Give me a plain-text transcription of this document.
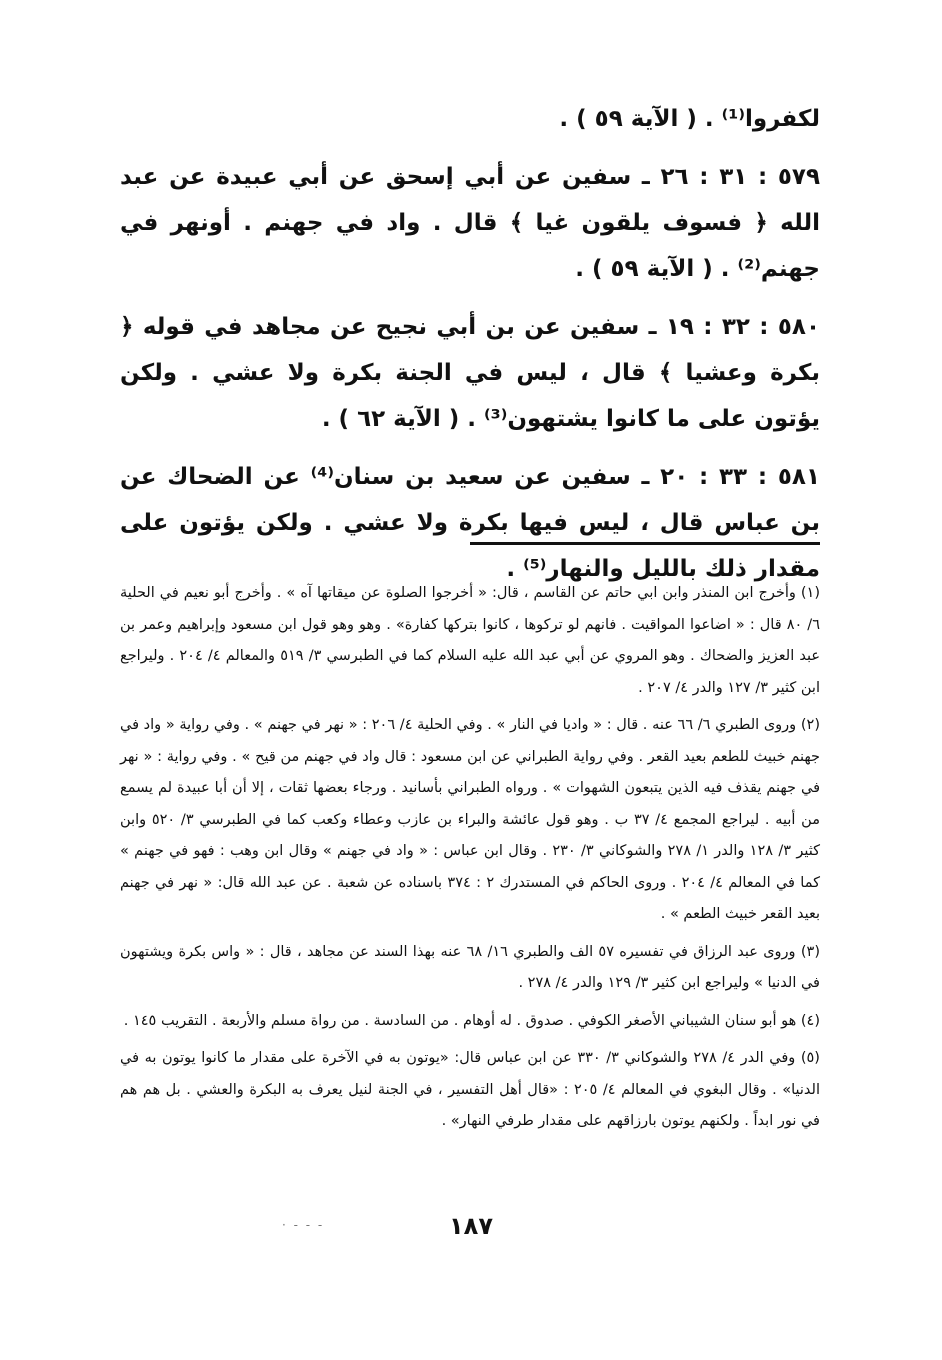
لكفروا⁽¹⁾ . ( الآية ٥٩ ) .

٥٧٩ : ٣١ : ٢٦ ـ سفين عن أبي إسحق عن أبي عبيدة عن عبد الله ﴿ فسوف يلقون غيا ﴾ قال . واد في جهنم . أونهر في جهنم⁽²⁾ . ( الآية ٥٩ ) .

٥٨٠ : ٣٢ : ١٩ ـ سفين عن بن أبي نجيح عن مجاهد في قوله ﴿ بكرة وعشيا ﴾ قال ، ليس في الجنة بكرة ولا عشي . ولكن يؤتون على ما كانوا يشتهون⁽³⁾ . ( الآية ٦٢ ) .

٥٨١ : ٣٣ : ٢٠ ـ سفين عن سعيد بن سنان⁽⁴⁾ عن الضحاك عن بن عباس قال ، ليس فيها بكرة ولا عشي . ولكن يؤتون على مقدار ذلك بالليل والنهار⁽⁵⁾ .

(١) وأخرج ابن المنذر وابن ابي حاتم عن القاسم ، قال: « أخرجوا الصلوة عن ميقاتها آه » . وأخرج أبو نعيم في الحلية ٦/ ٨٠ قال : « اضاعوا المواقيت . فانهم لو تركوها ، كانوا بتركها كفارة» . وهو وهو قول ابن مسعود وإبراهيم وعمر بن عبد العزيز والضحاك . وهو المروي عن أبي عبد الله عليه السلام كما في الطبرسي ٣/ ٥١٩ والمعالم ٤/ ٢٠٤ . وليراجع ابن كثير ٣/ ١٢٧ والدر ٤/ ٢٠٧ .

(٢) وروى الطبري ٦/ ٦٦ عنه . قال : « واديا في النار » . وفي الحلية ٤/ ٢٠٦ : « نهر في جهنم » . وفي رواية « واد في جهنم خبيث للطعم بعيد القعر . وفي رواية الطبراني عن ابن مسعود : قال واد في جهنم من قيح » . وفي رواية : « نهر في جهنم يقذف فيه الذين يتبعون الشهوات » . ورواه الطبراني بأسانيد . ورجاء بعضها ثقات ، إلا أن أبا عبيدة لم يسمع من أبيه . ليراجع المجمع ٤/ ٣٧ ب . وهو قول عائشة والبراء بن عازب وعطاء وكعب كما في الطبرسي ٣/ ٥٢٠ وابن كثير ٣/ ١٢٨ والدر ١/ ٢٧٨ والشوكاني ٣/ ٢٣٠ . وقال ابن عباس : « واد في جهنم » وقال ابن وهب : فهو في جهنم » كما في المعالم ٤/ ٢٠٤ . وروى الحاكم في المستدرك ٢ : ٣٧٤ باسناده عن شعبة . عن عبد الله قال: « نهر في جهنم بعيد القعر خبيث الطعم » .

(٣) وروى عبد الرزاق في تفسيره ٥٧ الف والطبري ١٦/ ٦٨ عنه بهذا السند عن مجاهد ، قال : « واس بكرة ويشتهون في الدنيا » وليراجع ابن كثير ٣/ ١٢٩ والدر ٤/ ٢٧٨ .

(٤) هو أبو سنان الشيباني الأصغر الكوفي . صدوق . له أوهام . من السادسة . من رواة مسلم والأربعة . التقريب ١٤٥ .

(٥) وفي الدر ٤/ ٢٧٨ والشوكاني ٣/ ٣٣٠ عن ابن عباس قال: «يوتون به في الآخرة على مقدار ما كانوا يوتون به في الدنيا» . وقال البغوي في المعالم ٤/ ٢٠٥ : «قال أهل التفسير ، في الجنة لنيل يعرف به البكرة والعشي . بل هم هم في نور ابداً . ولكنهم يوتون بارزاقهم على مقدار طرفي النهار» .

· - - -	١٨٧
